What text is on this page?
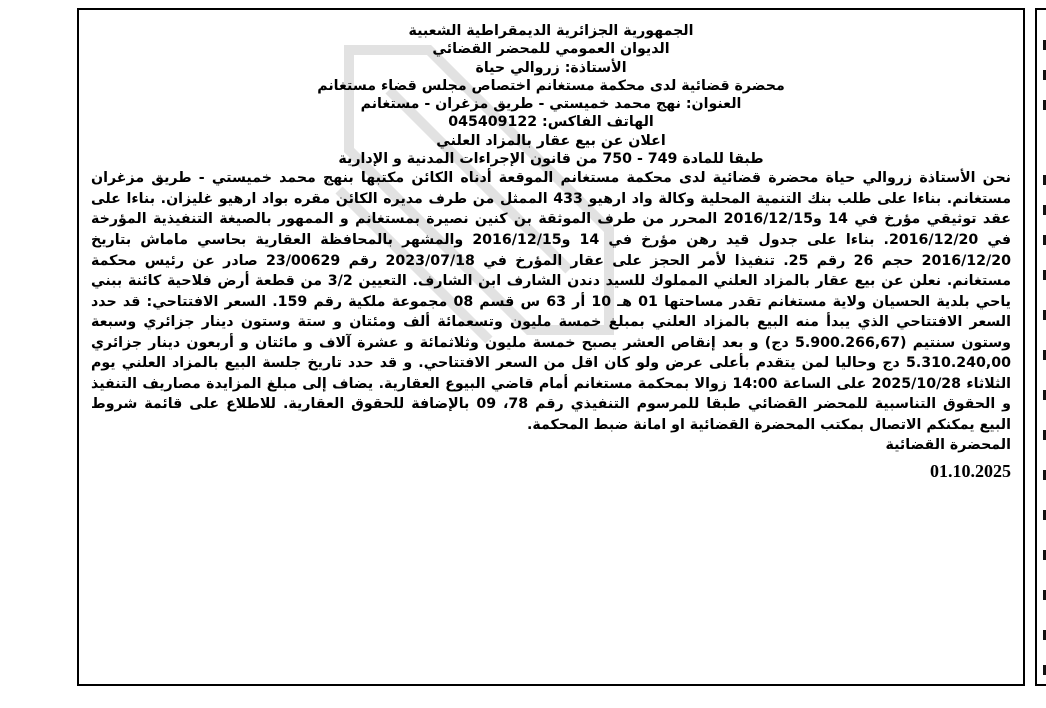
الجمهورية الجزائرية الديمقراطية الشعبية

الديوان العمومي للمحضر القضائي

الأستاذة: زروالي حياة

محضرة قضائية لدى محكمة مستغانم اختصاص مجلس قضاء مستغانم

العنوان: نهج محمد خميستي - طريق مزغران - مستغانم

الهاتف الفاكس: 045409122

اعلان عن بيع عقار بالمزاد العلني

طبقا للمادة 749 - 750 من قانون الإجراءات المدنية و الإدارية

نحن الأستاذة زروالي حياة محضرة قضائية لدى محكمة مستغانم الموقعة أدناه الكائن مكتبها بنهج محمد خميستي - طريق مزغران مستغانم. بناءا على طلب بنك التنمية المحلية وكالة واد ارهيو 433 الممثل من طرف مديره الكائن مقره بواد ارهيو غليزان. بناءا على عقد توثيقي مؤرخ في 14 و2016/12/15 المحرر من طرف الموثقة بن كنين نصيرة بمستغانم و الممهور بالصيغة التنفيذية المؤرخة في 2016/12/20. بناءا على جدول قيد رهن مؤرخ في 14 و2016/12/15 والمشهر بالمحافظة العقارية بحاسي ماماش بتاريخ 2016/12/20 حجم 26 رقم 25. تنفيذا لأمر الحجز على عقار المؤرخ في 2023/07/18 رقم 23/00629 صادر عن رئيس محكمة مستغانم. نعلن عن بيع عقار بالمزاد العلني المملوك للسيد دندن الشارف ابن الشارف. التعيين 3/2 من قطعة أرض فلاحية كائنة ببني ياحي بلدية الحسيان ولاية مستغانم تقدر مساحتها 01 هـ 10 أر 63 س قسم 08 مجموعة ملكية رقم 159. السعر الافتتاحي: قد حدد السعر الافتتاحي الذي يبدأ منه البيع بالمزاد العلني بمبلغ خمسة مليون وتسعمائة ألف ومئتان و ستة وستون دينار جزائري وسبعة وستون سنتيم (5.900.266,67 دج) و بعد إنقاص العشر يصبح خمسة مليون وثلاثمائة و عشرة آلاف و مائتان و أربعون دينار جزائري 5.310.240,00 دج وحاليا لمن يتقدم بأعلى عرض ولو كان اقل من السعر الافتتاحي. و قد حدد تاريخ جلسة البيع بالمزاد العلني يوم الثلاثاء 2025/10/28 على الساعة 14:00 زوالا بمحكمة مستغانم أمام قاضي البيوع العقارية. يضاف إلى مبلغ المزايدة مصاريف التنفيذ و الحقوق التناسبية للمحضر القضائي طبقا للمرسوم التنفيذي رقم 78، 09 بالإضافة للحقوق العقارية. للاطلاع على قائمة شروط البيع يمكنكم الاتصال بمكتب المحضرة القضائية او امانة ضبط المحكمة.

المحضرة القضائية

01.10.2025
